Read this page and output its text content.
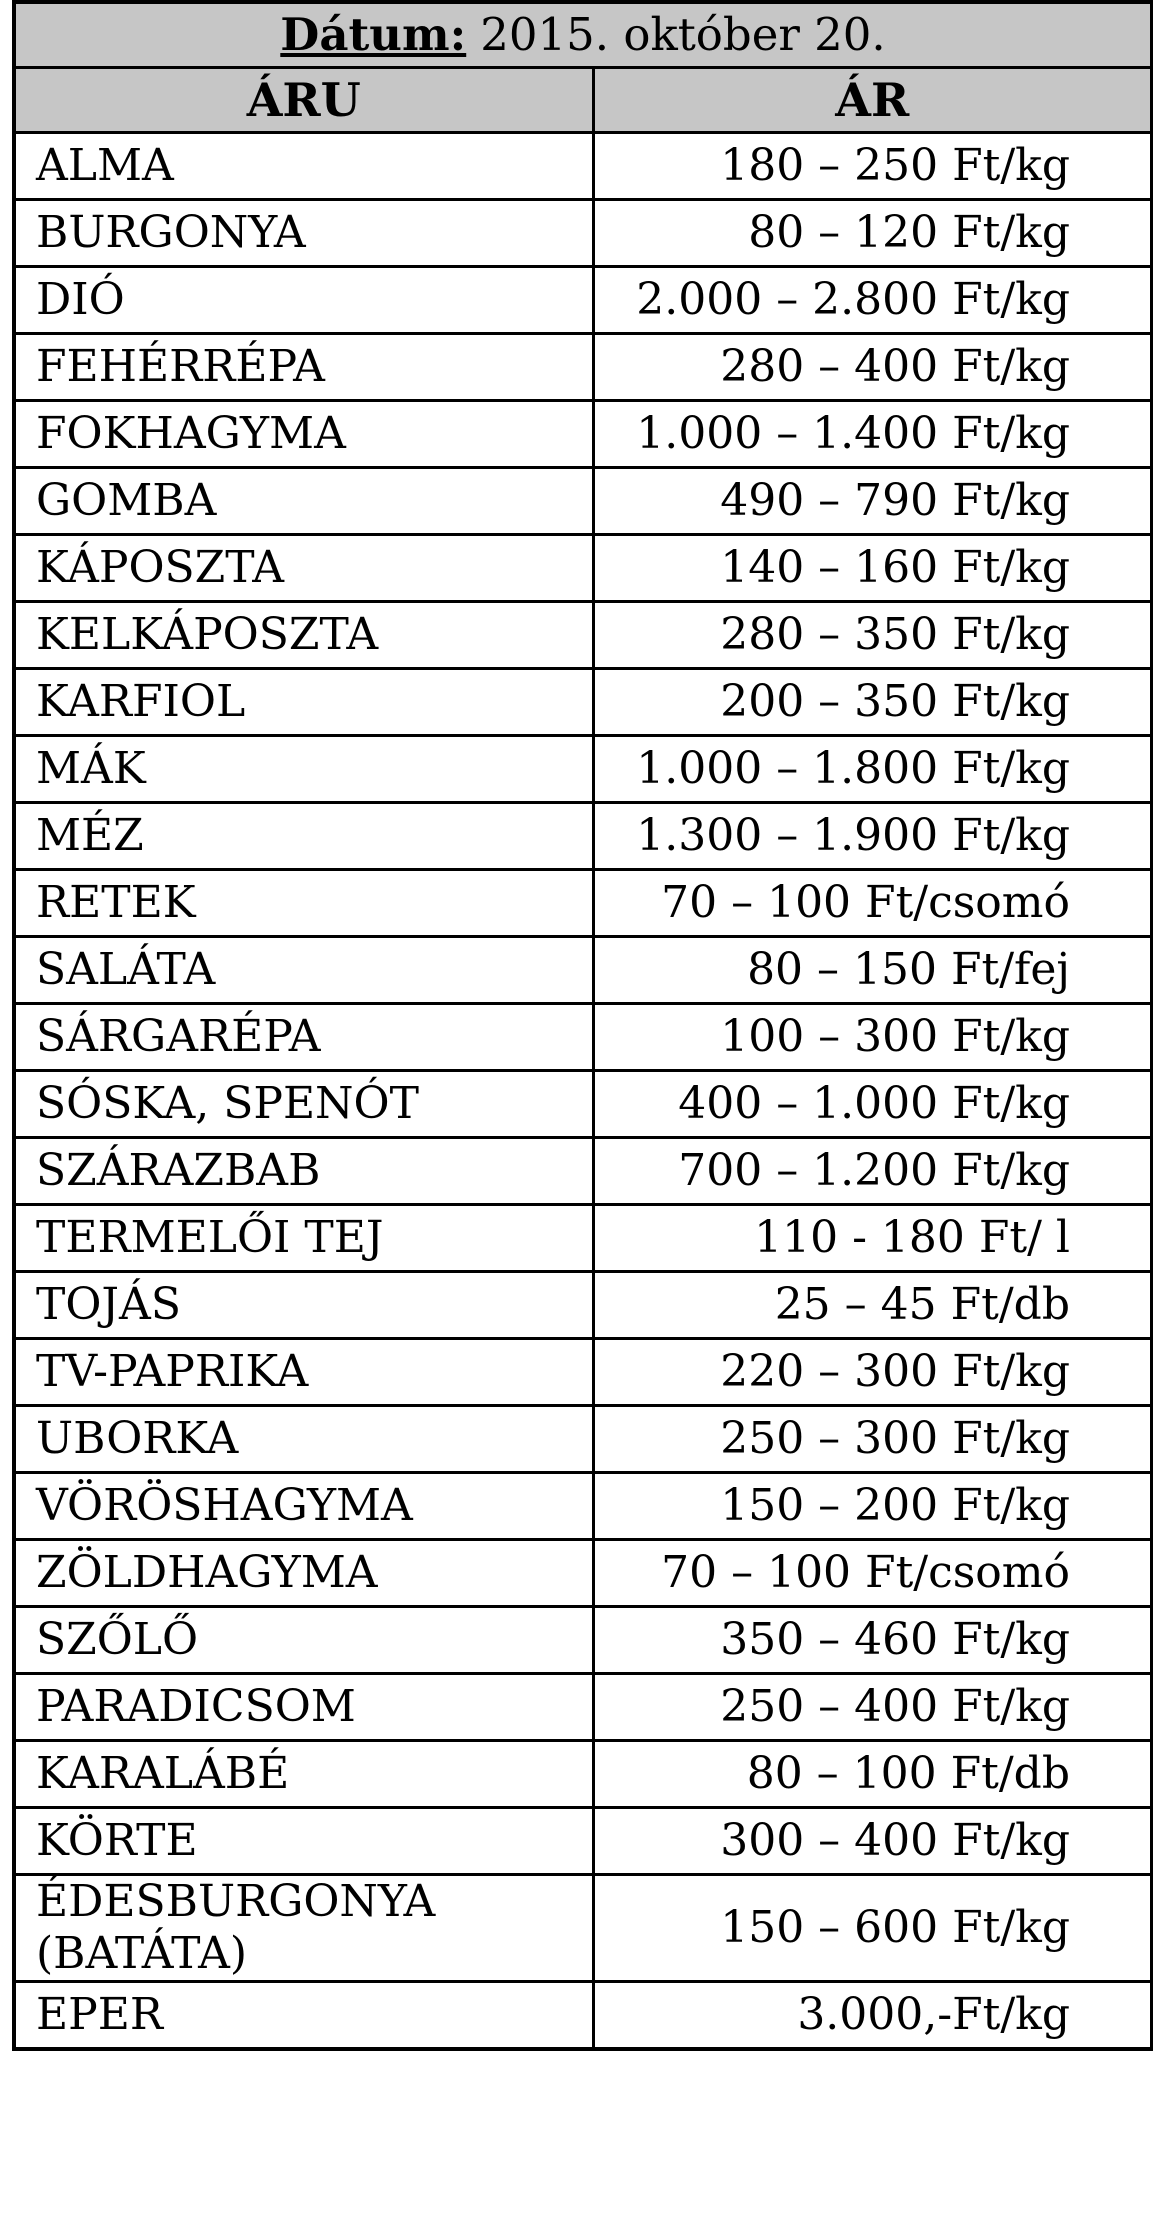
Dátum: 2015. október 20.	
ÁRU	ÁR
ALMA	180 – 250 Ft/kg
BURGONYA	80 – 120 Ft/kg
DIÓ	2.000 – 2.800 Ft/kg
FEHÉRRÉPA	280 – 400 Ft/kg
FOKHAGYMA	1.000 – 1.400 Ft/kg
GOMBA	490 – 790 Ft/kg
KÁPOSZTA	140 – 160 Ft/kg
KELKÁPOSZTA	280 – 350 Ft/kg
KARFIOL	200 – 350 Ft/kg
MÁK	1.000 – 1.800 Ft/kg
MÉZ	1.300 – 1.900 Ft/kg
RETEK	70 – 100 Ft/csomó
SALÁTA	80 – 150 Ft/fej
SÁRGARÉPA	100 – 300 Ft/kg
SÓSKA, SPENÓT	400 – 1.000 Ft/kg
SZÁRAZBAB	700 – 1.200 Ft/kg
TERMELŐI TEJ	110 - 180 Ft/ l
TOJÁS	25 – 45 Ft/db
TV-PAPRIKA	220 – 300 Ft/kg
UBORKA	250 – 300 Ft/kg
VÖRÖSHAGYMA	150 – 200 Ft/kg
ZÖLDHAGYMA	70 – 100 Ft/csomó
SZŐLŐ	350 – 460 Ft/kg
PARADICSOM	250 – 400 Ft/kg
KARALÁBÉ	80 – 100 Ft/db
KÖRTE	300 – 400 Ft/kg
ÉDESBURGONYA (BATÁTA)	150 – 600 Ft/kg
EPER	3.000,-Ft/kg
